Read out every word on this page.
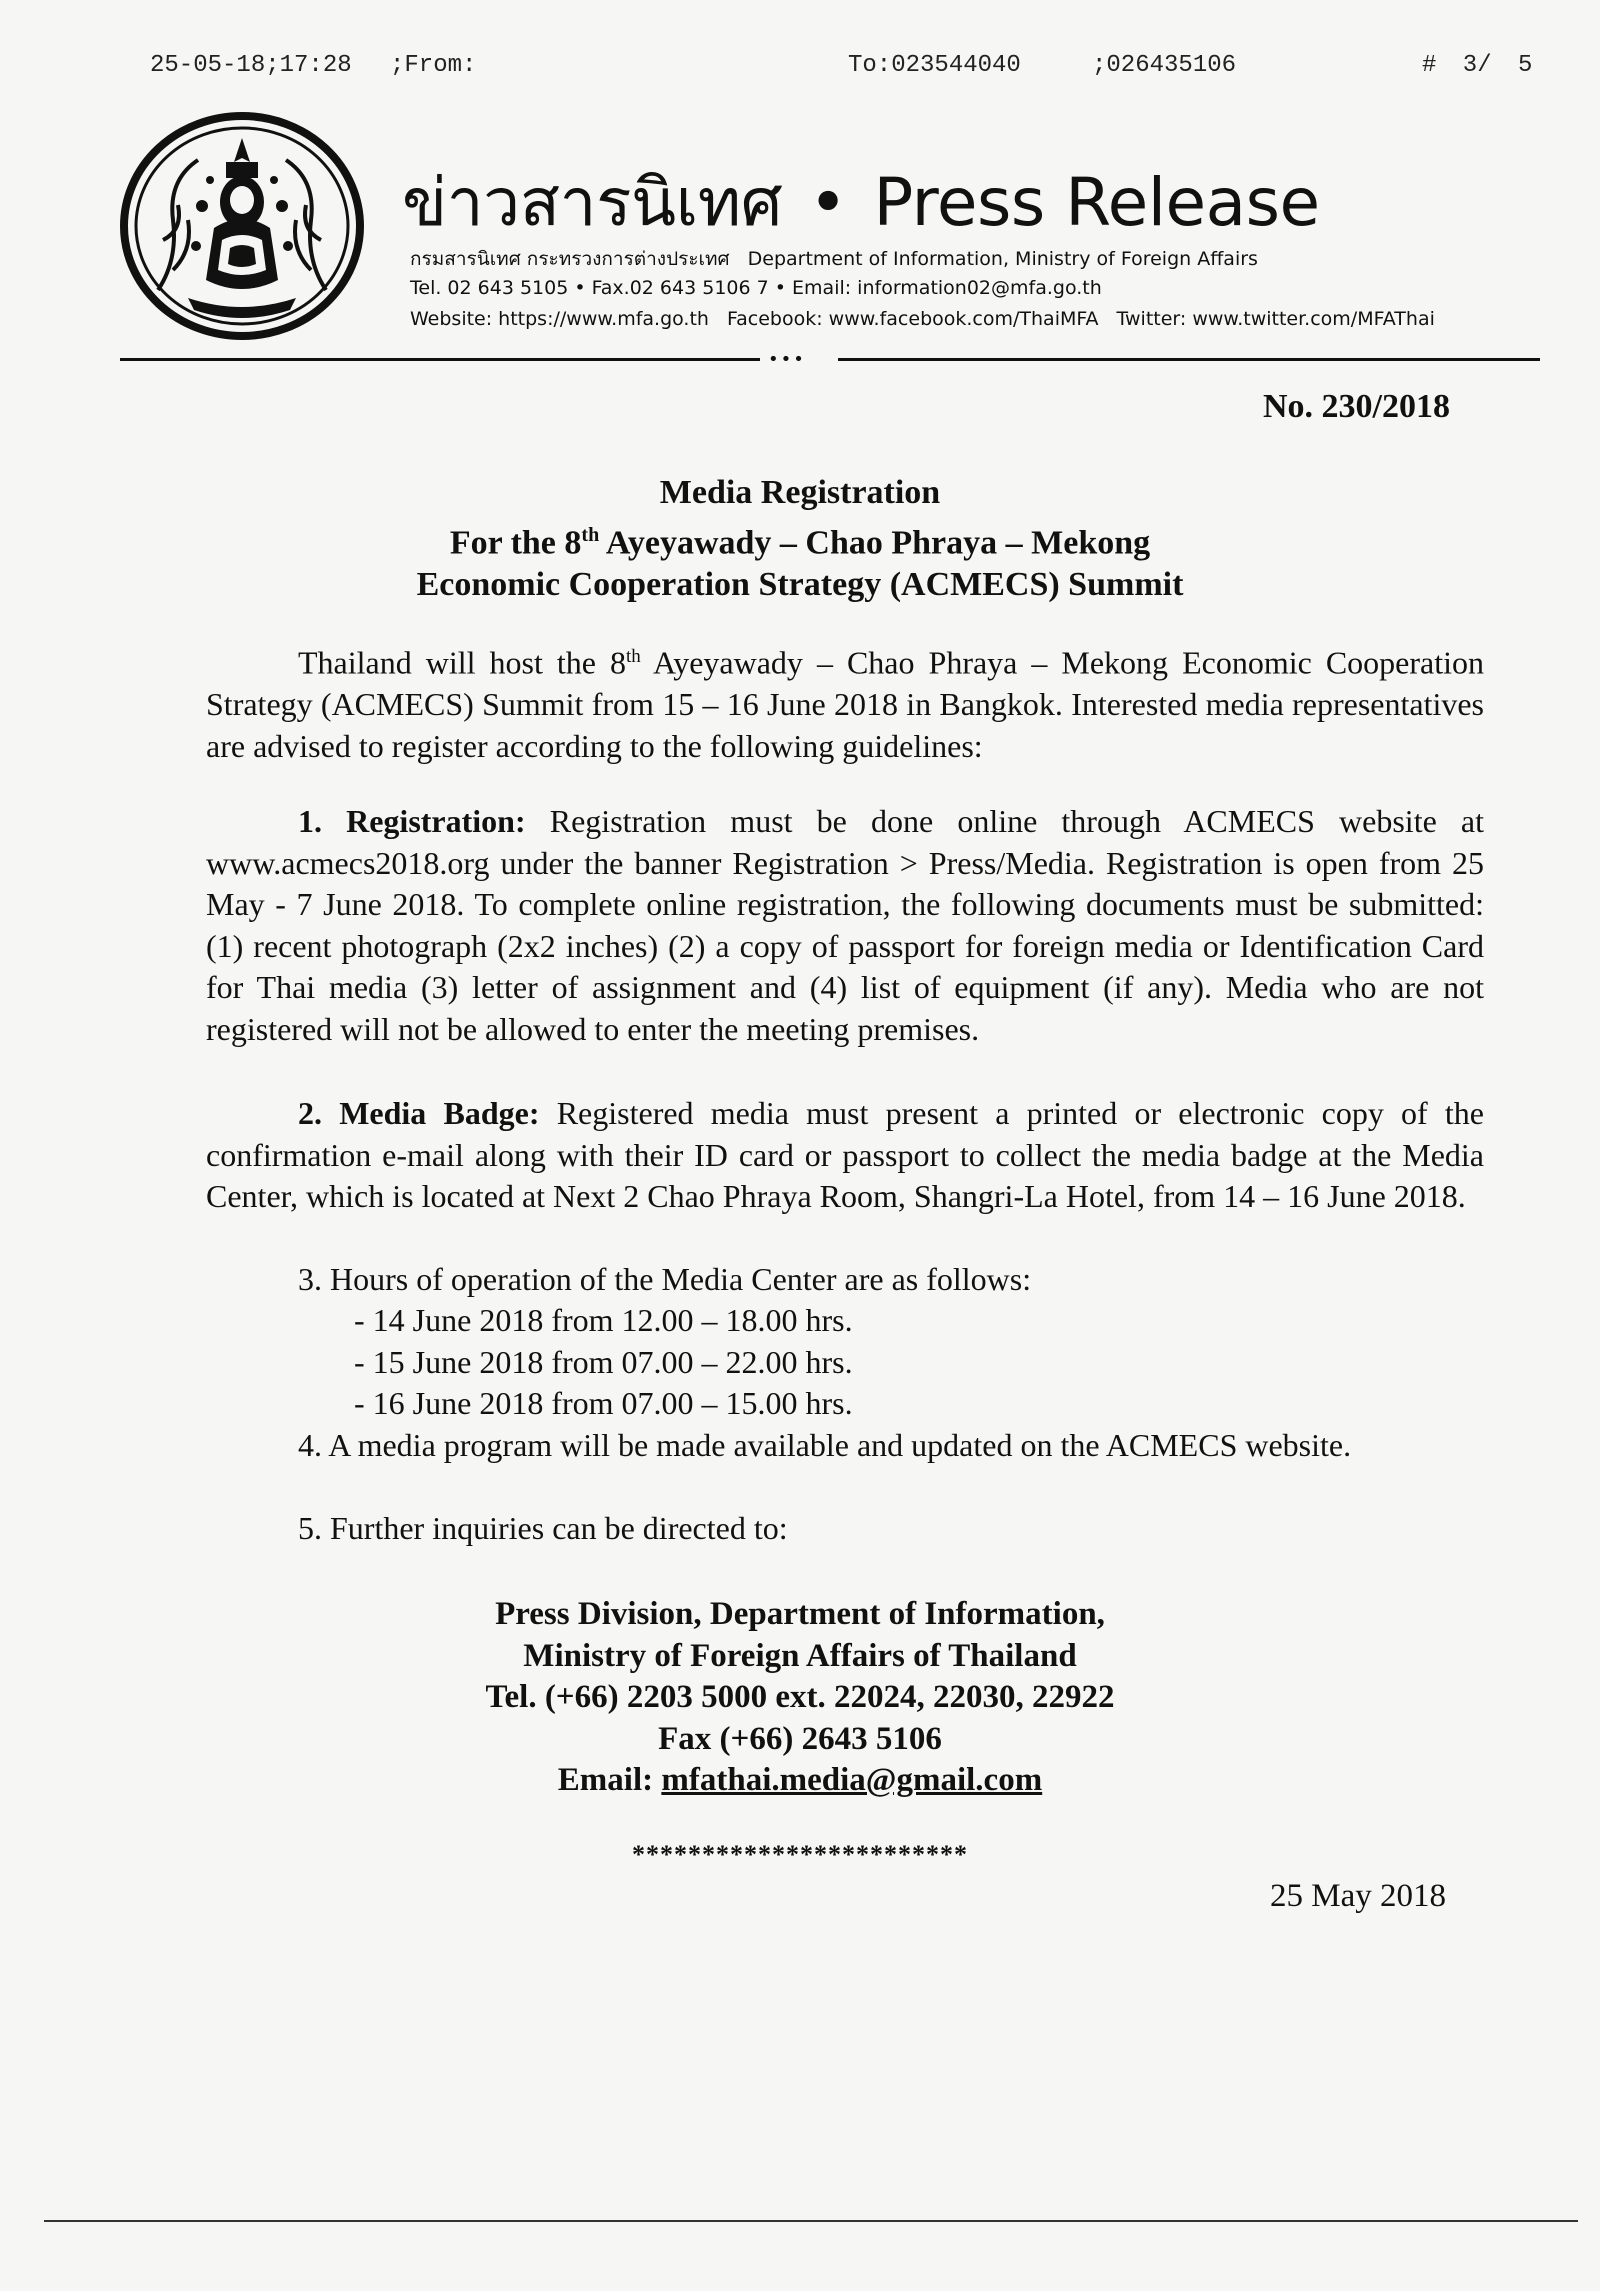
25-05-18;17:28 ;From:	To:023544040	;026435106	# 3/ 5
ข่าวสารนิเทศ • Press Release
กรมสารนิเทศ กระทรวงการต่างประเทศ Department of Information, Ministry of Foreign Affairs
Tel. 02 643 5105 • Fax.02 643 5106 7 • Email: information02@mfa.go.th
Website: https://www.mfa.go.th Facebook: www.facebook.com/ThaiMFA Twitter: www.twitter.com/MFAThai
•••
No. 230/2018
Media Registration
For the 8th Ayeyawady – Chao Phraya – Mekong
Economic Cooperation Strategy (ACMECS) Summit
Thailand will host the 8th Ayeyawady – Chao Phraya – Mekong Economic Cooperation Strategy (ACMECS) Summit from 15 – 16 June 2018 in Bangkok. Interested media representatives are advised to register according to the following guidelines:
1. Registration: Registration must be done online through ACMECS website at www.acmecs2018.org under the banner Registration > Press/Media. Registration is open from 25 May - 7 June 2018. To complete online registration, the following documents must be submitted: (1) recent photograph (2x2 inches) (2) a copy of passport for foreign media or Identification Card for Thai media (3) letter of assignment and (4) list of equipment (if any). Media who are not registered will not be allowed to enter the meeting premises.
2. Media Badge: Registered media must present a printed or electronic copy of the confirmation e-mail along with their ID card or passport to collect the media badge at the Media Center, which is located at Next 2 Chao Phraya Room, Shangri-La Hotel, from 14 – 16 June 2018.
3. Hours of operation of the Media Center are as follows:
- 14 June 2018 from 12.00 – 18.00 hrs.
- 15 June 2018 from 07.00 – 22.00 hrs.
- 16 June 2018 from 07.00 – 15.00 hrs.
4. A media program will be made available and updated on the ACMECS website.
5. Further inquiries can be directed to:
Press Division, Department of Information,
Ministry of Foreign Affairs of Thailand
Tel. (+66) 2203 5000 ext. 22024, 22030, 22922
Fax (+66) 2643 5106
Email: mfathai.media@gmail.com
************************
25 May 2018
